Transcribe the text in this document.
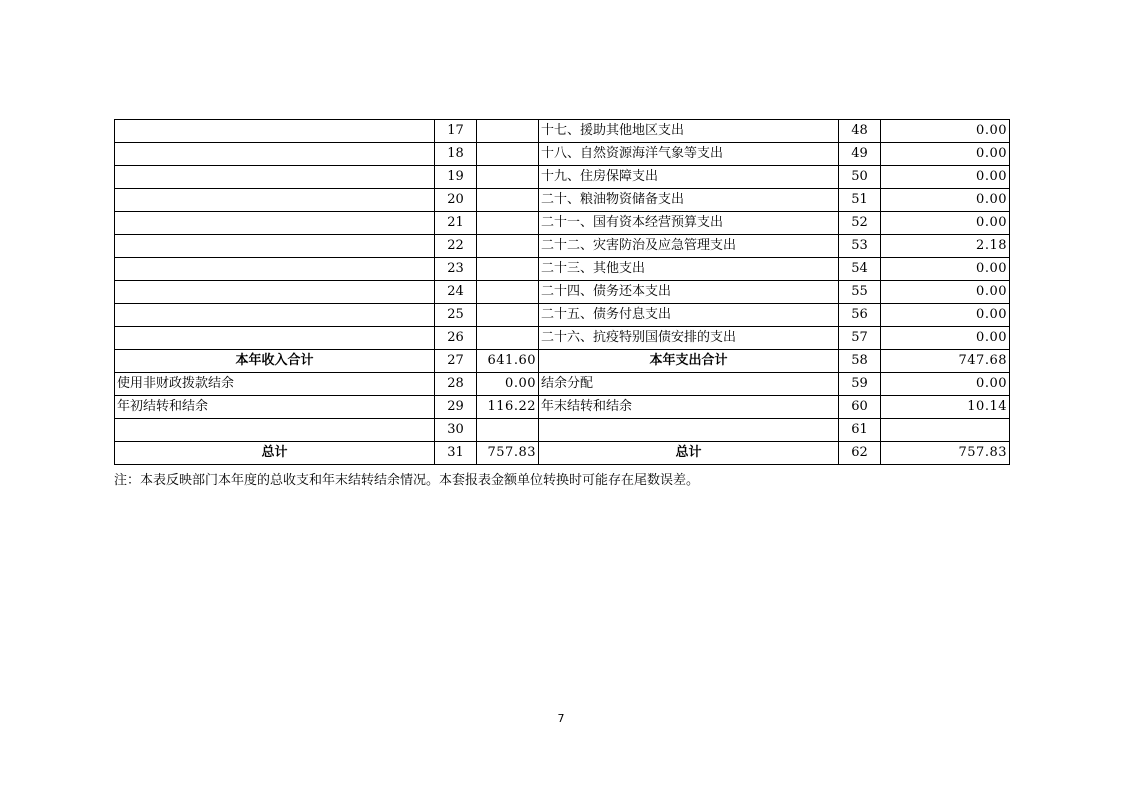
	17		十七、援助其他地区支出	48	0.00
	18		十八、自然资源海洋气象等支出	49	0.00
	19		十九、住房保障支出	50	0.00
	20		二十、粮油物资储备支出	51	0.00
	21		二十一、国有资本经营预算支出	52	0.00
	22		二十二、灾害防治及应急管理支出	53	2.18
	23		二十三、其他支出	54	0.00
	24		二十四、债务还本支出	55	0.00
	25		二十五、债务付息支出	56	0.00
	26		二十六、抗疫特别国债安排的支出	57	0.00
本年收入合计	27	641.60	本年支出合计	58	747.68
使用非财政拨款结余	28	0.00	结余分配	59	0.00
年初结转和结余	29	116.22	年末结转和结余	60	10.14
	30			61	
总计	31	757.83	总计	62	757.83
注：本表反映部门本年度的总收支和年末结转结余情况。本套报表金额单位转换时可能存在尾数误差。
7
